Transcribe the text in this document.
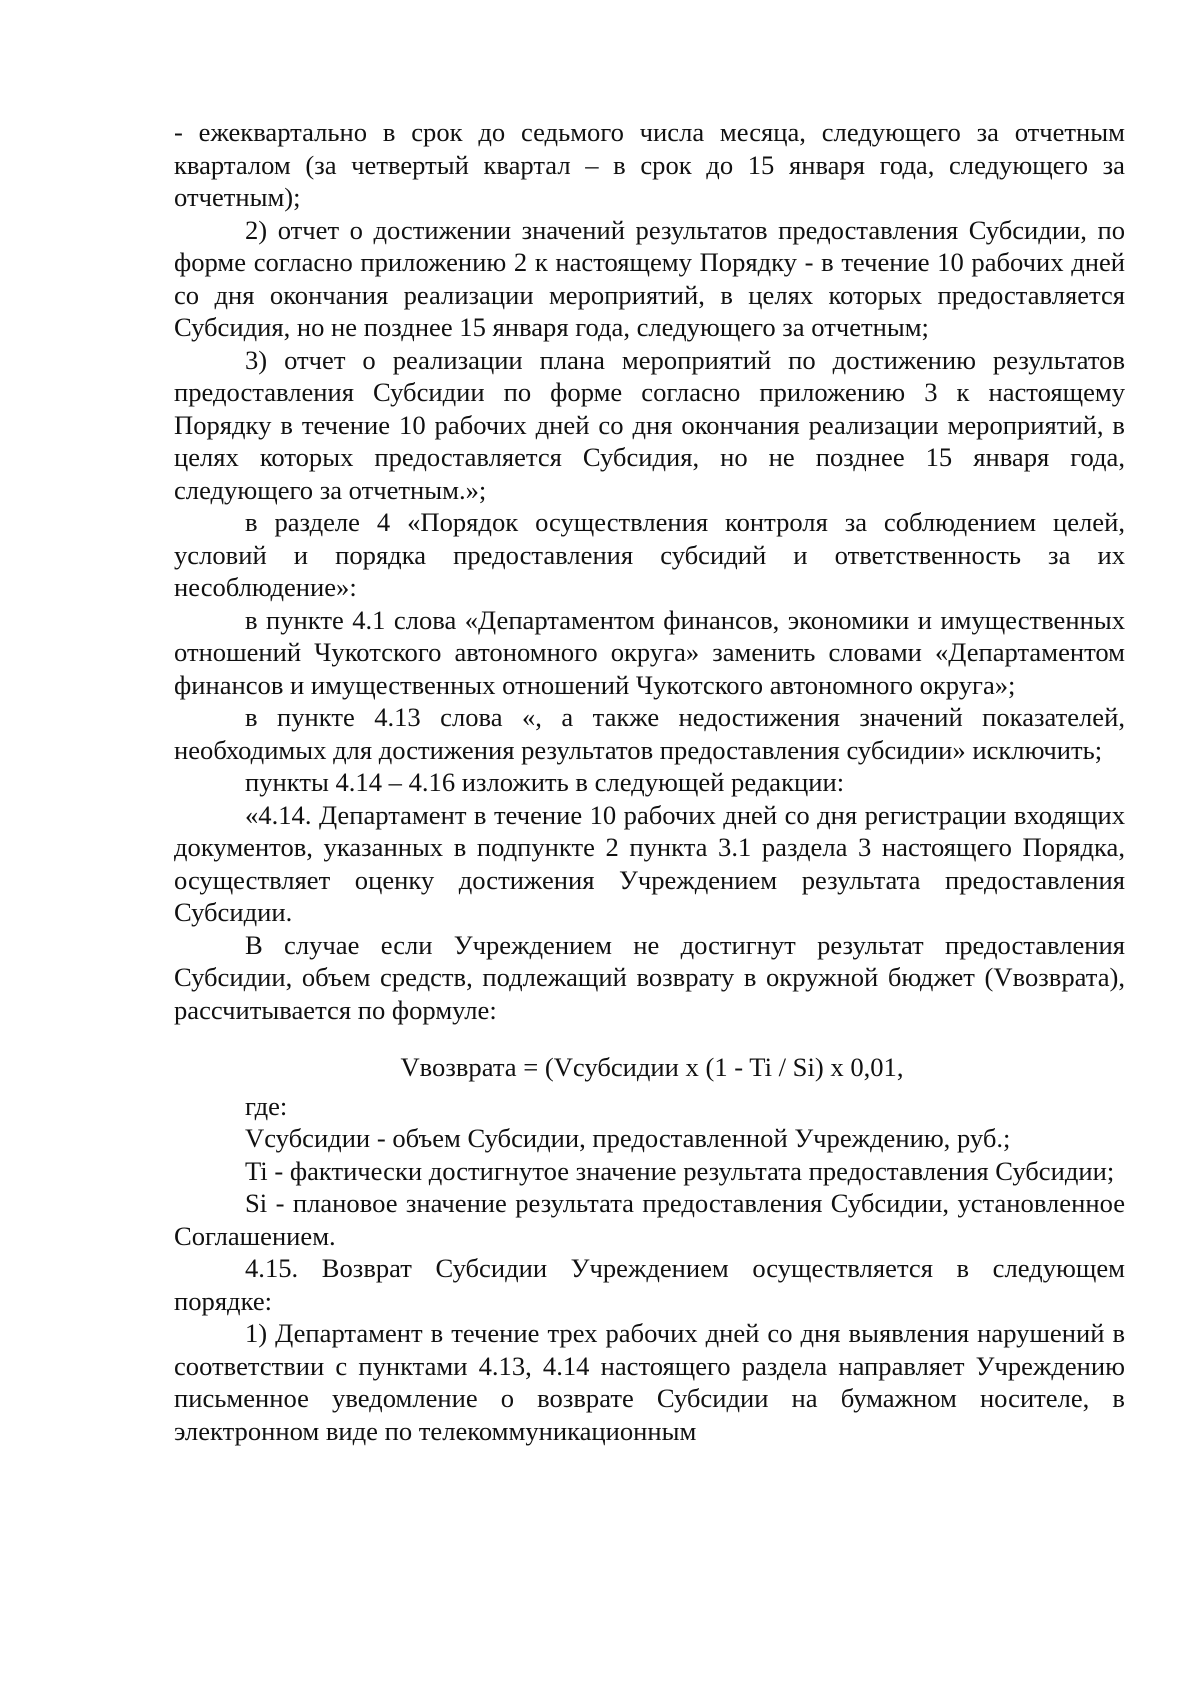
- ежеквартально в срок до седьмого числа месяца, следующего за отчетным кварталом (за четвертый квартал – в срок до 15 января года, следующего за отчетным);

2) отчет о достижении значений результатов предоставления Субсидии, по форме согласно приложению 2 к настоящему Порядку - в течение 10 рабочих дней со дня окончания реализации мероприятий, в целях которых предоставляется Субсидия, но не позднее 15 января года, следующего за отчетным;

3) отчет о реализации плана мероприятий по достижению результатов предоставления Субсидии по форме согласно приложению 3 к настоящему Порядку в течение 10 рабочих дней со дня окончания реализации мероприятий, в целях которых предоставляется Субсидия, но не позднее 15 января года, следующего за отчетным.»;

в разделе 4 «Порядок осуществления контроля за соблюдением целей, условий и порядка предоставления субсидий и ответственность за их несоблюдение»:

в пункте 4.1 слова «Департаментом финансов, экономики и имущественных отношений Чукотского автономного округа» заменить словами «Департаментом финансов и имущественных отношений Чукотского автономного округа»;

в пункте 4.13 слова «, а также недостижения значений показателей, необходимых для достижения результатов предоставления субсидии» исключить;

пункты 4.14 – 4.16 изложить в следующей редакции:

«4.14. Департамент в течение 10 рабочих дней со дня регистрации входящих документов, указанных в подпункте 2 пункта 3.1 раздела 3 настоящего Порядка, осуществляет оценку достижения Учреждением результата предоставления Субсидии.

В случае если Учреждением не достигнут результат предоставления Субсидии, объем средств, подлежащий возврату в окружной бюджет (Vвозврата), рассчитывается по формуле:

Vвозврата = (Vсубсидии x (1 - Ti / Si) x 0,01,

где:

Vсубсидии - объем Субсидии, предоставленной Учреждению, руб.;

Ti - фактически достигнутое значение результата предоставления Субсидии;

Si - плановое значение результата предоставления Субсидии, установленное Соглашением.

4.15. Возврат Субсидии Учреждением осуществляется в следующем порядке:

1) Департамент в течение трех рабочих дней со дня выявления нарушений в соответствии с пунктами 4.13, 4.14 настоящего раздела направляет Учреждению письменное уведомление о возврате Субсидии на бумажном носителе, в электронном виде по телекоммуникационным
